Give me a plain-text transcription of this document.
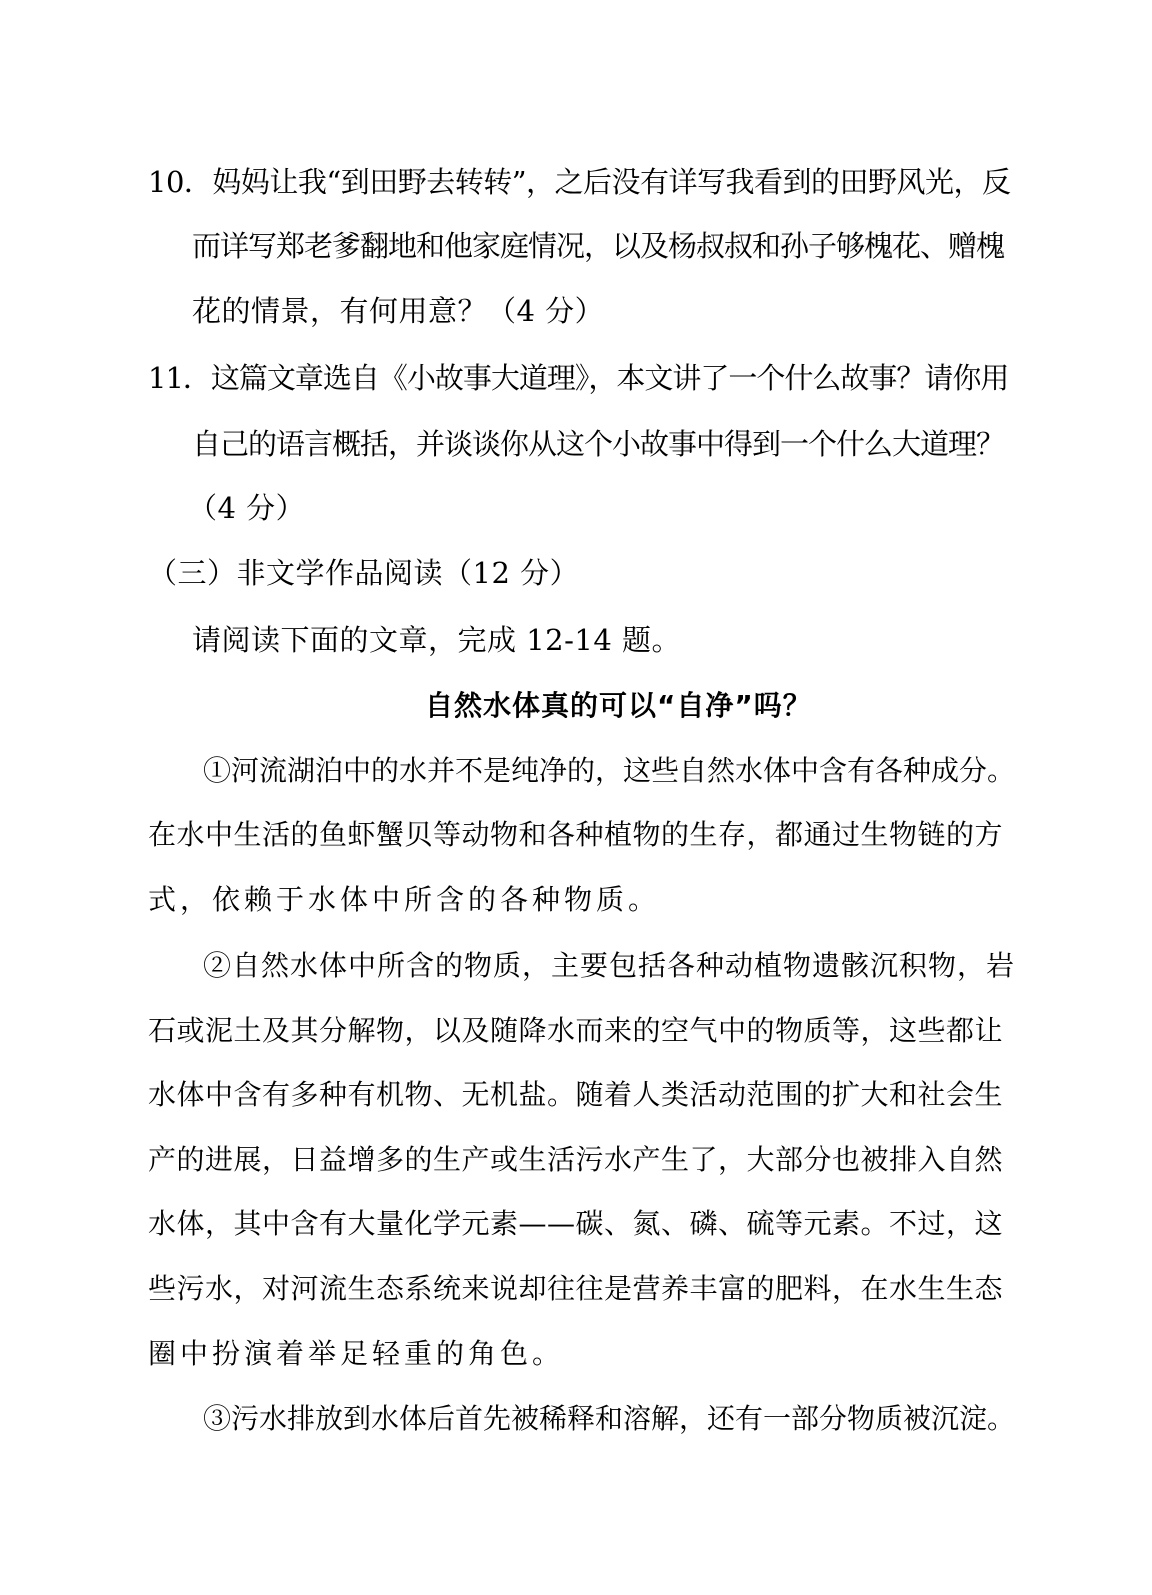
10．妈妈让我“到田野去转转”，之后没有详写我看到的田野风光，反
而详写郑老爹翻地和他家庭情况，以及杨叔叔和孙子够槐花、赠槐
花的情景，有何用意？（4 分）
11．这篇文章选自《小故事大道理》，本文讲了一个什么故事？请你用
自己的语言概括，并谈谈你从这个小故事中得到一个什么大道理？
（4 分）
（三）非文学作品阅读（12 分）
请阅读下面的文章，完成 12-14 题。
自然水体真的可以“自净”吗？
①河流湖泊中的水并不是纯净的，这些自然水体中含有各种成分。
在水中生活的鱼虾蟹贝等动物和各种植物的生存，都通过生物链的方
式，依赖于水体中所含的各种物质。
②自然水体中所含的物质，主要包括各种动植物遗骸沉积物，岩
石或泥土及其分解物，以及随降水而来的空气中的物质等，这些都让
水体中含有多种有机物、无机盐。随着人类活动范围的扩大和社会生
产的进展，日益增多的生产或生活污水产生了，大部分也被排入自然
水体，其中含有大量化学元素——碳、氮、磷、硫等元素。不过，这
些污水，对河流生态系统来说却往往是营养丰富的肥料，在水生生态
圈中扮演着举足轻重的角色。
③污水排放到水体后首先被稀释和溶解，还有一部分物质被沉淀。
